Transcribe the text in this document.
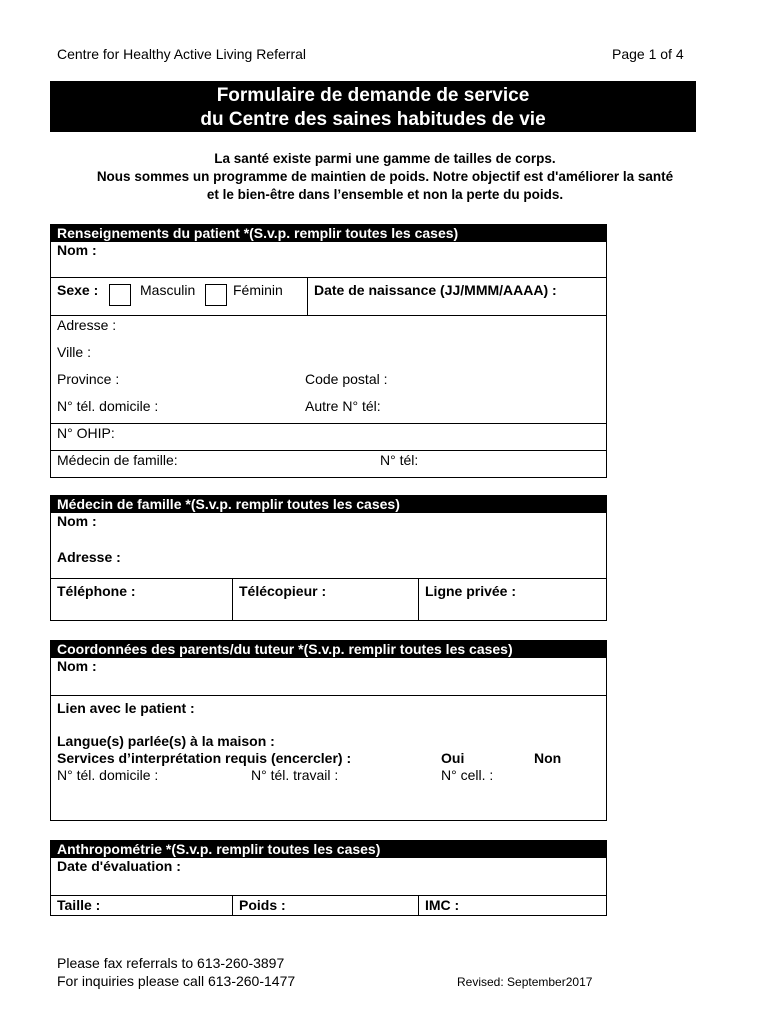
Centre for Healthy Active Living Referral	Page 1 of 4
Formulaire de demande de service
du Centre des saines habitudes de vie
La santé existe parmi une gamme de tailles de corps.
Nous sommes un programme de maintien de poids. Notre objectif est d'améliorer la santé
et le bien-être dans l’ensemble et non la perte du poids.
Renseignements du patient *(S.v.p. remplir toutes les cases)
Nom :
Sexe :	Masculin	Féminin Date de naissance (JJ/MMM/AAAA) :
Adresse :
Ville :
Province :	Code postal :
N° tél. domicile :	Autre N° tél:
N° OHIP:
Médecin de famille:	N° tél:
Médecin de famille *(S.v.p. remplir toutes les cases)
Nom :
Adresse :
Téléphone :	Télécopieur :	Ligne privée :
Coordonnées des parents/du tuteur *(S.v.p. remplir toutes les cases)
Nom :
Lien avec le patient :
Langue(s) parlée(s) à la maison :
Services d’interprétation requis (encercler) :	Oui	Non
N° tél. domicile :	N° tél. travail :	N° cell. :
Anthropométrie *(S.v.p. remplir toutes les cases)
Date d'évaluation :
Taille :	Poids :	IMC :
Please fax referrals to 613-260-3897
For inquiries please call 613-260-1477	Revised: September2017
